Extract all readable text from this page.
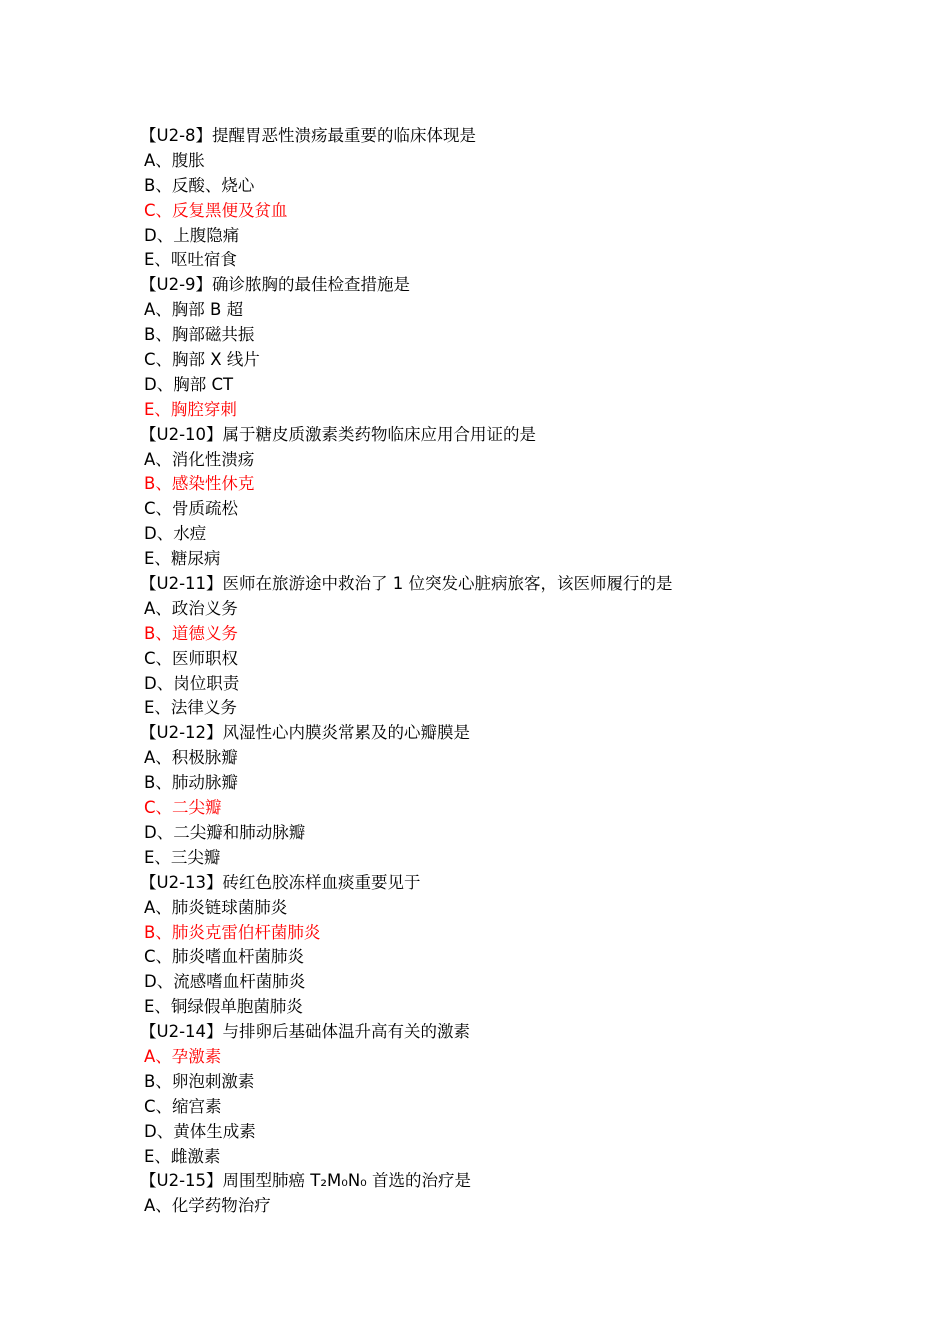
【U2-8】提醒胃恶性溃疡最重要的临床体现是
A、腹胀
B、反酸、烧心
C、反复黑便及贫血
D、上腹隐痛
E、呕吐宿食
【U2-9】确诊脓胸的最佳检查措施是
A、胸部 B 超
B、胸部磁共振
C、胸部 X 线片
D、胸部 CT
E、胸腔穿刺
【U2-10】属于糖皮质激素类药物临床应用合用证的是
A、消化性溃疡
B、感染性休克
C、骨质疏松
D、水痘
E、糖尿病
【U2-11】医师在旅游途中救治了 1 位突发心脏病旅客，该医师履行的是
A、政治义务
B、道德义务
C、医师职权
D、岗位职责
E、法律义务
【U2-12】风湿性心内膜炎常累及的心瓣膜是
A、积极脉瓣
B、肺动脉瓣
C、二尖瓣
D、二尖瓣和肺动脉瓣
E、三尖瓣
【U2-13】砖红色胶冻样血痰重要见于
A、肺炎链球菌肺炎
B、肺炎克雷伯杆菌肺炎
C、肺炎嗜血杆菌肺炎
D、流感嗜血杆菌肺炎
E、铜绿假单胞菌肺炎
【U2-14】与排卵后基础体温升高有关的激素
A、孕激素
B、卵泡刺激素
C、缩宫素
D、黄体生成素
E、雌激素
【U2-15】周围型肺癌 T₂M₀N₀ 首选的治疗是
A、化学药物治疗
